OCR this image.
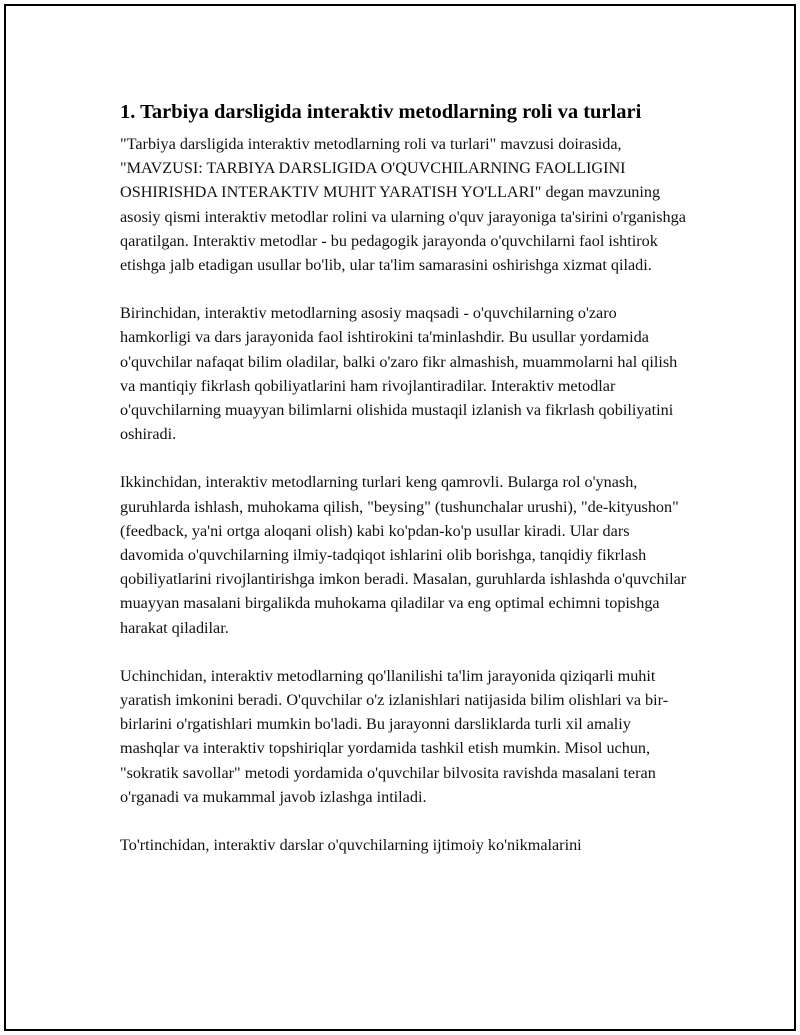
1. Tarbiya darsligida interaktiv metodlarning roli va turlari

"Tarbiya darsligida interaktiv metodlarning roli va turlari" mavzusi doirasida, "MAVZUSI: TARBIYA DARSLIGIDA O'QUVCHILARNING FAOLLIGINI OSHIRISHDA INTERAKTIV MUHIT YARATISH YO'LLARI" degan mavzuning asosiy qismi interaktiv metodlar rolini va ularning o'quv jarayoniga ta'sirini o'rganishga qaratilgan. Interaktiv metodlar - bu pedagogik jarayonda o'quvchilarni faol ishtirok etishga jalb etadigan usullar bo'lib, ular ta'lim samarasini oshirishga xizmat qiladi.

Birinchidan, interaktiv metodlarning asosiy maqsadi - o'quvchilarning o'zaro hamkorligi va dars jarayonida faol ishtirokini ta'minlashdir. Bu usullar yordamida o'quvchilar nafaqat bilim oladilar, balki o'zaro fikr almashish, muammolarni hal qilish va mantiqiy fikrlash qobiliyatlarini ham rivojlantiradilar. Interaktiv metodlar o'quvchilarning muayyan bilimlarni olishida mustaqil izlanish va fikrlash qobiliyatini oshiradi.

Ikkinchidan, interaktiv metodlarning turlari keng qamrovli. Bularga rol o'ynash, guruhlarda ishlash, muhokama qilish, "beysing" (tushunchalar urushi), "de-kityushon" (feedback, ya'ni ortga aloqani olish) kabi ko'pdan-ko'p usullar kiradi. Ular dars davomida o'quvchilarning ilmiy-tadqiqot ishlarini olib borishga, tanqidiy fikrlash qobiliyatlarini rivojlantirishga imkon beradi. Masalan, guruhlarda ishlashda o'quvchilar muayyan masalani birgalikda muhokama qiladilar va eng optimal echimni topishga harakat qiladilar.

Uchinchidan, interaktiv metodlarning qo'llanilishi ta'lim jarayonida qiziqarli muhit yaratish imkonini beradi. O'quvchilar o'z izlanishlari natijasida bilim olishlari va bir-birlarini o'rgatishlari mumkin bo'ladi. Bu jarayonni darsliklarda turli xil amaliy mashqlar va interaktiv topshiriqlar yordamida tashkil etish mumkin. Misol uchun, "sokratik savollar" metodi yordamida o'quvchilar bilvosita ravishda masalani teran o'rganadi va mukammal javob izlashga intiladi.

To'rtinchidan, interaktiv darslar o'quvchilarning ijtimoiy ko'nikmalarini
